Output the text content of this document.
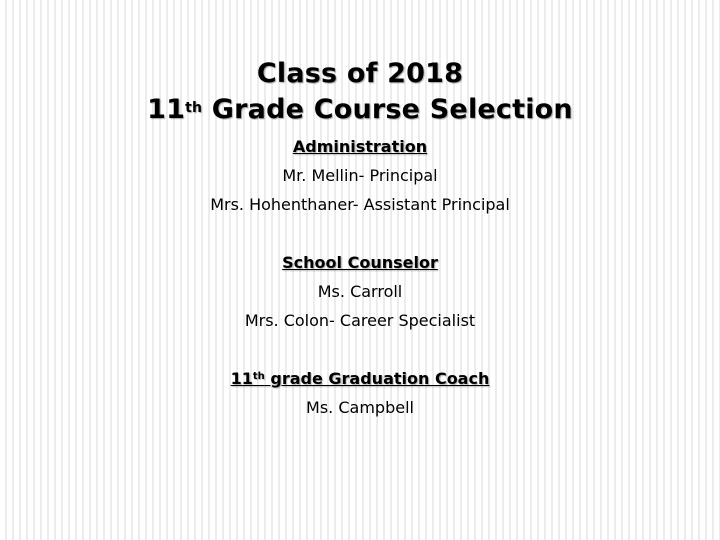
Class of 2018
11th Grade Course Selection
Administration
Mr. Mellin- Principal
Mrs. Hohenthaner- Assistant Principal
School Counselor
Ms. Carroll
Mrs. Colon- Career Specialist
11th grade Graduation Coach
Ms. Campbell
